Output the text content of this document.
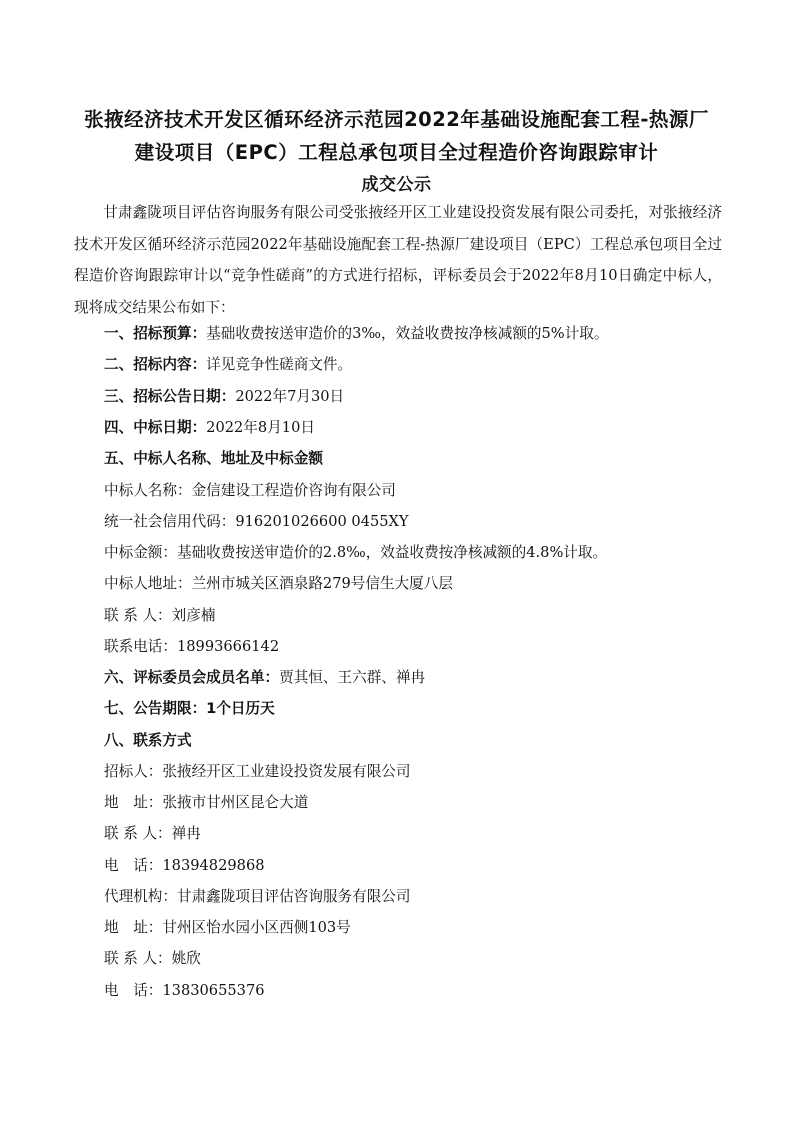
张掖经济技术开发区循环经济示范园2022年基础设施配套工程-热源厂
建设项目（EPC）工程总承包项目全过程造价咨询跟踪审计
成交公示

甘肃鑫陇项目评估咨询服务有限公司受张掖经开区工业建设投资发展有限公司委托，对张掖经济技术开发区循环经济示范园2022年基础设施配套工程-热源厂建设项目（EPC）工程总承包项目全过程造价咨询跟踪审计以“竞争性磋商”的方式进行招标，评标委员会于2022年8月10日确定中标人，现将成交结果公布如下：

一、招标预算：基础收费按送审造价的3‰，效益收费按净核减额的5%计取。
二、招标内容：详见竞争性磋商文件。
三、招标公告日期：2022年7月30日
四、中标日期：2022年8月10日
五、中标人名称、地址及中标金额
中标人名称：金信建设工程造价咨询有限公司
统一社会信用代码：916201026600 0455XY
中标金额：基础收费按送审造价的2.8‰，效益收费按净核减额的4.8%计取。
中标人地址：兰州市城关区酒泉路279号信生大厦八层
联 系 人：刘彦楠
联系电话：18993666142
六、评标委员会成员名单：贾其恒、王六群、禅冉
七、公告期限：1个日历天
八、联系方式
招标人：张掖经开区工业建设投资发展有限公司
地　址：张掖市甘州区昆仑大道
联 系 人：禅冉
电　话：18394829868
代理机构：甘肃鑫陇项目评估咨询服务有限公司
地　址：甘州区怡水园小区西侧103号
联 系 人：姚欣
电　话：13830655376
